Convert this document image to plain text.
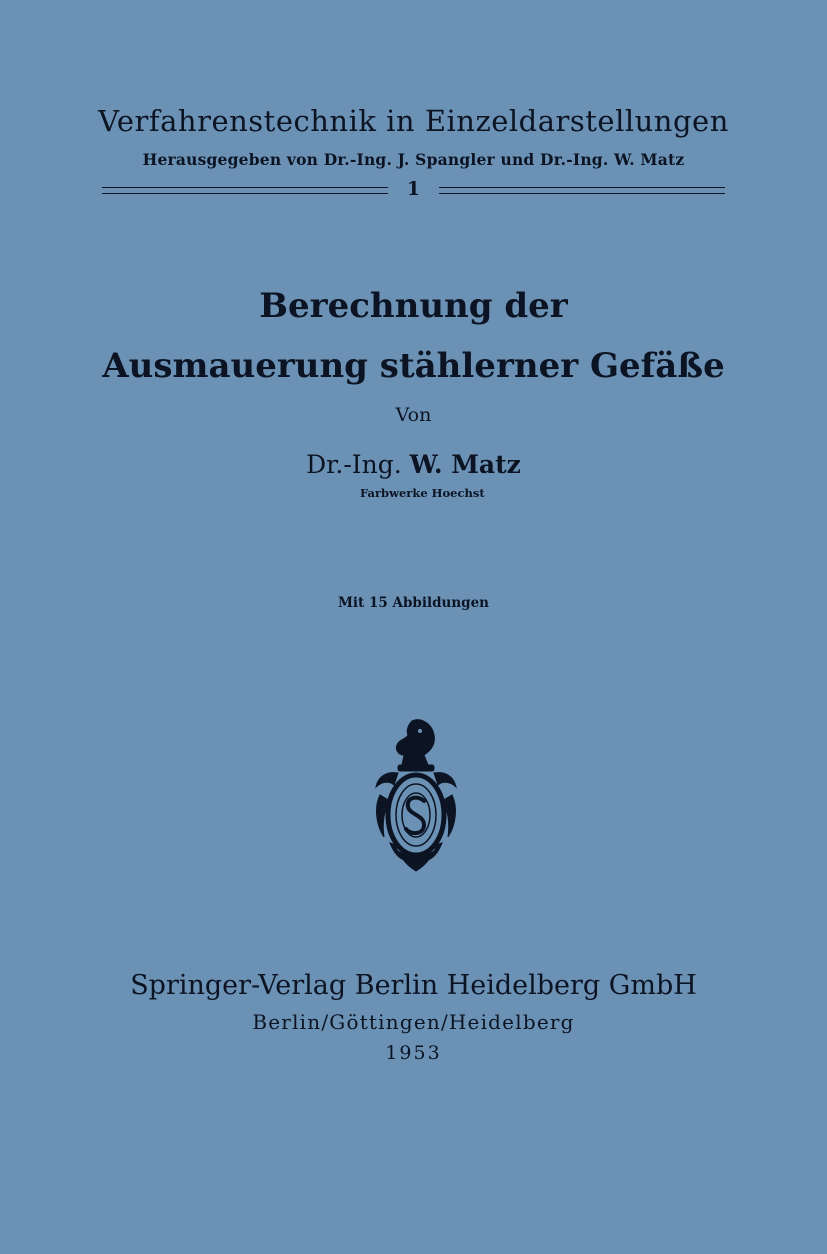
Verfahrenstechnik in Einzeldarstellungen
Herausgegeben von Dr.-Ing. J. Spangler und Dr.-Ing. W. Matz
1
Berechnung der
Ausmauerung stählerner Gefäße
Von
Dr.-Ing. W. Matz
Farbwerke Hoechst
Mit 15 Abbildungen
Springer-Verlag Berlin Heidelberg GmbH
Berlin/Göttingen/Heidelberg
1953
